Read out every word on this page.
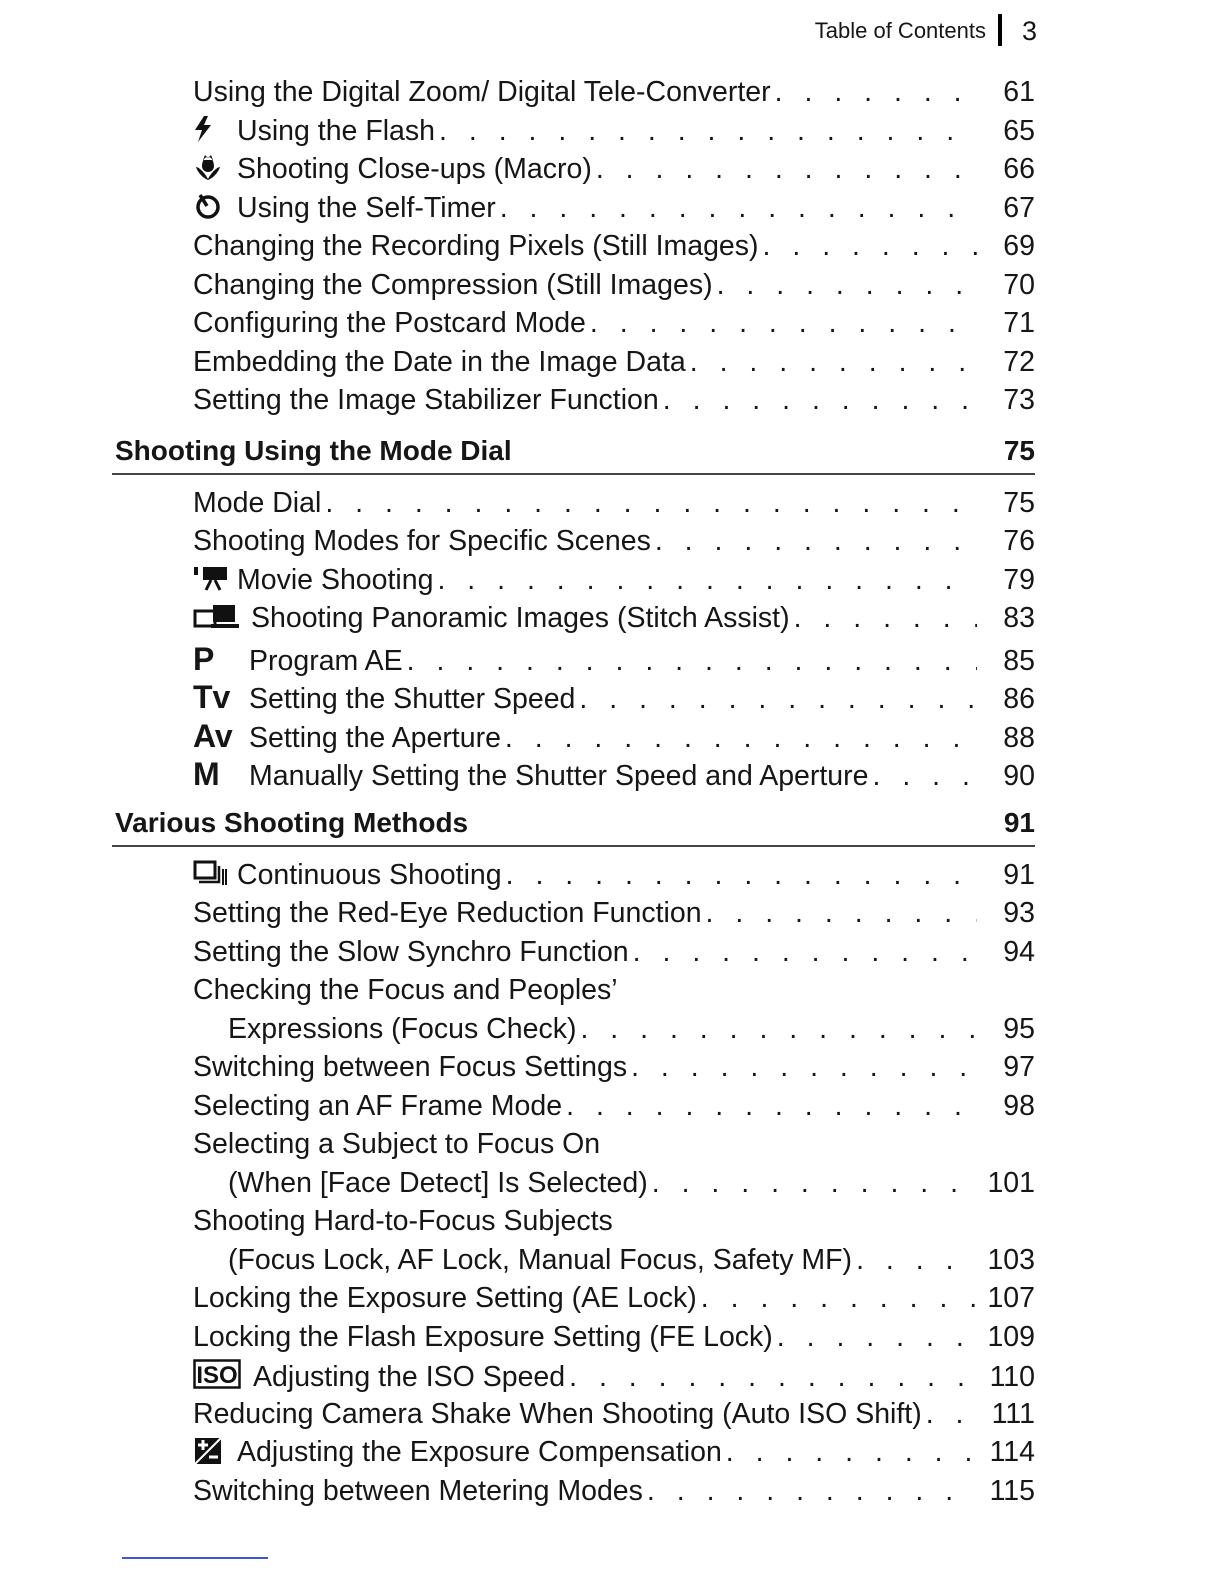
Table of Contents 3
Using the Digital Zoom/ Digital Tele-Converter . . .	61
Using the Flash . . .	65
Shooting Close-ups (Macro) . . .	66
Using the Self-Timer . . .	67
Changing the Recording Pixels (Still Images) . . .	69
Changing the Compression (Still Images) . . .	70
Configuring the Postcard Mode . . .	71
Embedding the Date in the Image Data . . .	72
Setting the Image Stabilizer Function . . .	73
Shooting Using the Mode Dial	75
Mode Dial . . .	75
Shooting Modes for Specific Scenes . . .	76
Movie Shooting . . .	79
Shooting Panoramic Images (Stitch Assist) . . .	83
P	Program AE . . .	85
Tv Setting the Shutter Speed . . .	86
Av Setting the Aperture . . .	88
M	Manually Setting the Shutter Speed and Aperture . . .	90
Various Shooting Methods	91
Continuous Shooting . . .	91
Setting the Red-Eye Reduction Function . . .	93
Setting the Slow Synchro Function . . .	94
Checking the Focus and Peoples’
Expressions (Focus Check) . . .	95
Switching between Focus Settings . . .	97
Selecting an AF Frame Mode . . .	98
Selecting a Subject to Focus On
(When [Face Detect] Is Selected) . . .	101
Shooting Hard-to-Focus Subjects
(Focus Lock, AF Lock, Manual Focus, Safety MF) . . .	103
Locking the Exposure Setting (AE Lock) . . .	107
Locking the Flash Exposure Setting (FE Lock) . . .	109
ISO Adjusting the ISO Speed . . .	110
Reducing Camera Shake When Shooting (Auto ISO Shift) . . .	111
Adjusting the Exposure Compensation . . .	114
Switching between Metering Modes . . .	115
